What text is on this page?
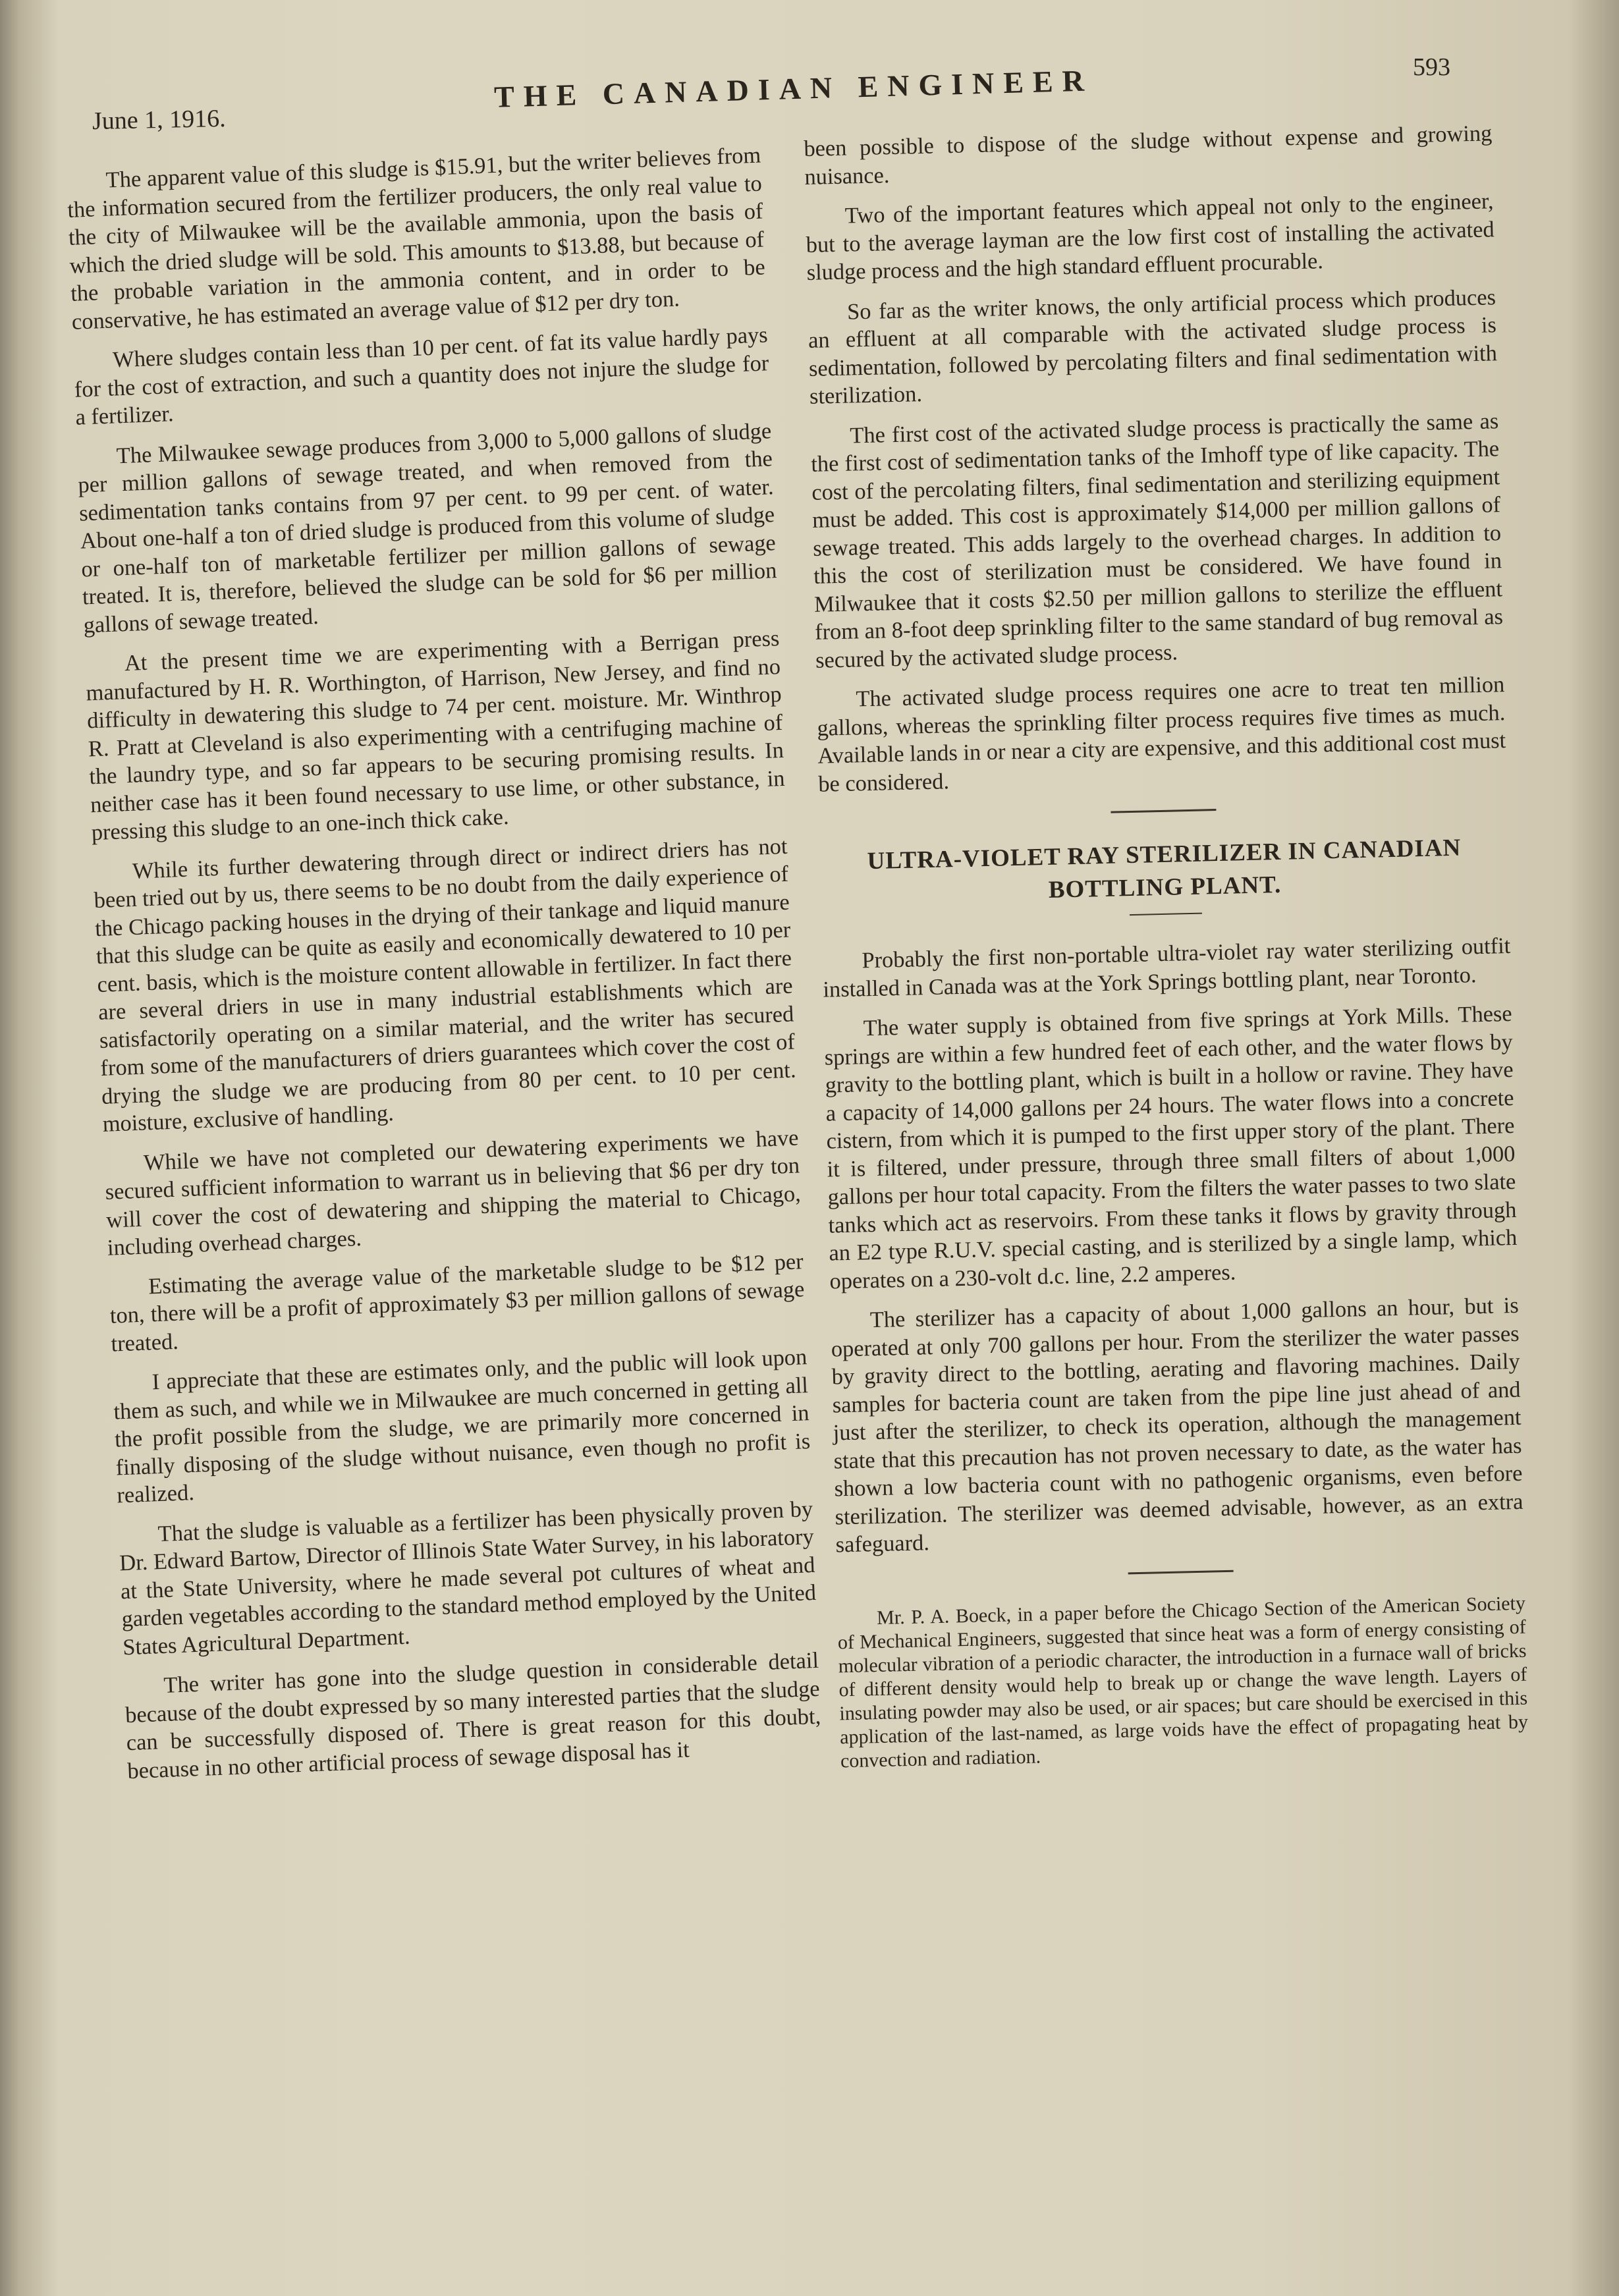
June 1, 1916.
THE CANADIAN ENGINEER	593

The apparent value of this sludge is $15.91, but the writer believes from the information secured from the fertilizer producers, the only real value to the city of Milwaukee will be the available ammonia, upon the basis of which the dried sludge will be sold. This amounts to $13.88, but because of the probable variation in the ammonia content, and in order to be conservative, he has estimated an average value of $12 per dry ton.

Where sludges contain less than 10 per cent. of fat its value hardly pays for the cost of extraction, and such a quantity does not injure the sludge for a fertilizer.

The Milwaukee sewage produces from 3,000 to 5,000 gallons of sludge per million gallons of sewage treated, and when removed from the sedimentation tanks contains from 97 per cent. to 99 per cent. of water. About one-half a ton of dried sludge is produced from this volume of sludge or one-half ton of marketable fertilizer per million gallons of sewage treated. It is, therefore, believed the sludge can be sold for $6 per million gallons of sewage treated.

At the present time we are experimenting with a Berrigan press manufactured by H. R. Worthington, of Harrison, New Jersey, and find no difficulty in dewatering this sludge to 74 per cent. moisture. Mr. Winthrop R. Pratt at Cleveland is also experimenting with a centrifuging machine of the laundry type, and so far appears to be securing promising results. In neither case has it been found necessary to use lime, or other substance, in pressing this sludge to an one-inch thick cake.

While its further dewatering through direct or indirect driers has not been tried out by us, there seems to be no doubt from the daily experience of the Chicago packing houses in the drying of their tankage and liquid manure that this sludge can be quite as easily and economically dewatered to 10 per cent. basis, which is the moisture content allowable in fertilizer. In fact there are several driers in use in many industrial establishments which are satisfactorily operating on a similar material, and the writer has secured from some of the manufacturers of driers guarantees which cover the cost of drying the sludge we are producing from 80 per cent. to 10 per cent. moisture, exclusive of handling.

While we have not completed our dewatering experiments we have secured sufficient information to warrant us in believing that $6 per dry ton will cover the cost of dewatering and shipping the material to Chicago, including overhead charges.

Estimating the average value of the marketable sludge to be $12 per ton, there will be a profit of approximately $3 per million gallons of sewage treated.

I appreciate that these are estimates only, and the public will look upon them as such, and while we in Milwaukee are much concerned in getting all the profit possible from the sludge, we are primarily more concerned in finally disposing of the sludge without nuisance, even though no profit is realized.

That the sludge is valuable as a fertilizer has been physically proven by Dr. Edward Bartow, Director of Illinois State Water Survey, in his laboratory at the State University, where he made several pot cultures of wheat and garden vegetables according to the standard method employed by the United States Agricultural Department.

The writer has gone into the sludge question in considerable detail because of the doubt expressed by so many interested parties that the sludge can be successfully disposed of. There is great reason for this doubt, because in no other artificial process of sewage disposal has it

been possible to dispose of the sludge without expense and growing nuisance.

Two of the important features which appeal not only to the engineer, but to the average layman are the low first cost of installing the activated sludge process and the high standard effluent procurable.

So far as the writer knows, the only artificial process which produces an effluent at all comparable with the activated sludge process is sedimentation, followed by percolating filters and final sedimentation with sterilization.

The first cost of the activated sludge process is practically the same as the first cost of sedimentation tanks of the Imhoff type of like capacity. The cost of the percolating filters, final sedimentation and sterilizing equipment must be added. This cost is approximately $14,000 per million gallons of sewage treated. This adds largely to the overhead charges. In addition to this the cost of sterilization must be considered. We have found in Milwaukee that it costs $2.50 per million gallons to sterilize the effluent from an 8-foot deep sprinkling filter to the same standard of bug removal as secured by the activated sludge process.

The activated sludge process requires one acre to treat ten million gallons, whereas the sprinkling filter process requires five times as much. Available lands in or near a city are expensive, and this additional cost must be considered.

ULTRA-VIOLET RAY STERILIZER IN CANADIAN
BOTTLING PLANT.

Probably the first non-portable ultra-violet ray water sterilizing outfit installed in Canada was at the York Springs bottling plant, near Toronto.

The water supply is obtained from five springs at York Mills. These springs are within a few hundred feet of each other, and the water flows by gravity to the bottling plant, which is built in a hollow or ravine. They have a capacity of 14,000 gallons per 24 hours. The water flows into a concrete cistern, from which it is pumped to the first upper story of the plant. There it is filtered, under pressure, through three small filters of about 1,000 gallons per hour total capacity. From the filters the water passes to two slate tanks which act as reservoirs. From these tanks it flows by gravity through an E2 type R.U.V. special casting, and is sterilized by a single lamp, which operates on a 230-volt d.c. line, 2.2 amperes.

The sterilizer has a capacity of about 1,000 gallons an hour, but is operated at only 700 gallons per hour. From the sterilizer the water passes by gravity direct to the bottling, aerating and flavoring machines. Daily samples for bacteria count are taken from the pipe line just ahead of and just after the sterilizer, to check its operation, although the management state that this precaution has not proven necessary to date, as the water has shown a low bacteria count with no pathogenic organisms, even before sterilization. The sterilizer was deemed advisable, however, as an extra safeguard.

Mr. P. A. Boeck, in a paper before the Chicago Section of the American Society of Mechanical Engineers, suggested that since heat was a form of energy consisting of molecular vibration of a periodic character, the introduction in a furnace wall of bricks of different density would help to break up or change the wave length. Layers of insulating powder may also be used, or air spaces; but care should be exercised in this application of the last-named, as large voids have the effect of propagating heat by convection and radiation.
